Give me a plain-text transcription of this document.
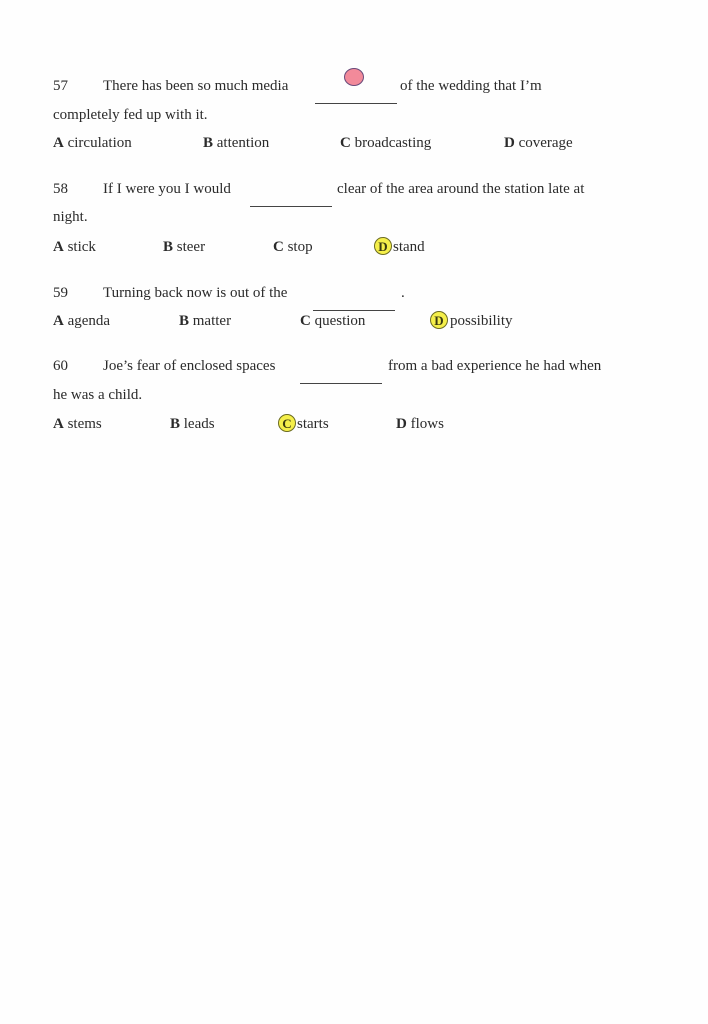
57 There has been so much media	of the wedding that I’m
completely fed up with it.
A circulation	B attention	C broadcasting	D coverage
58 If I were you I would	clear of the area around the station late at
night.
A stick	B steer	C stop	D stand
59 Turning back now is out of the	.
A agenda	B matter	C question	D possibility
60 Joe’s fear of enclosed spaces	from a bad experience he had when
he was a child.
A stems	B leads	C starts	D flows
